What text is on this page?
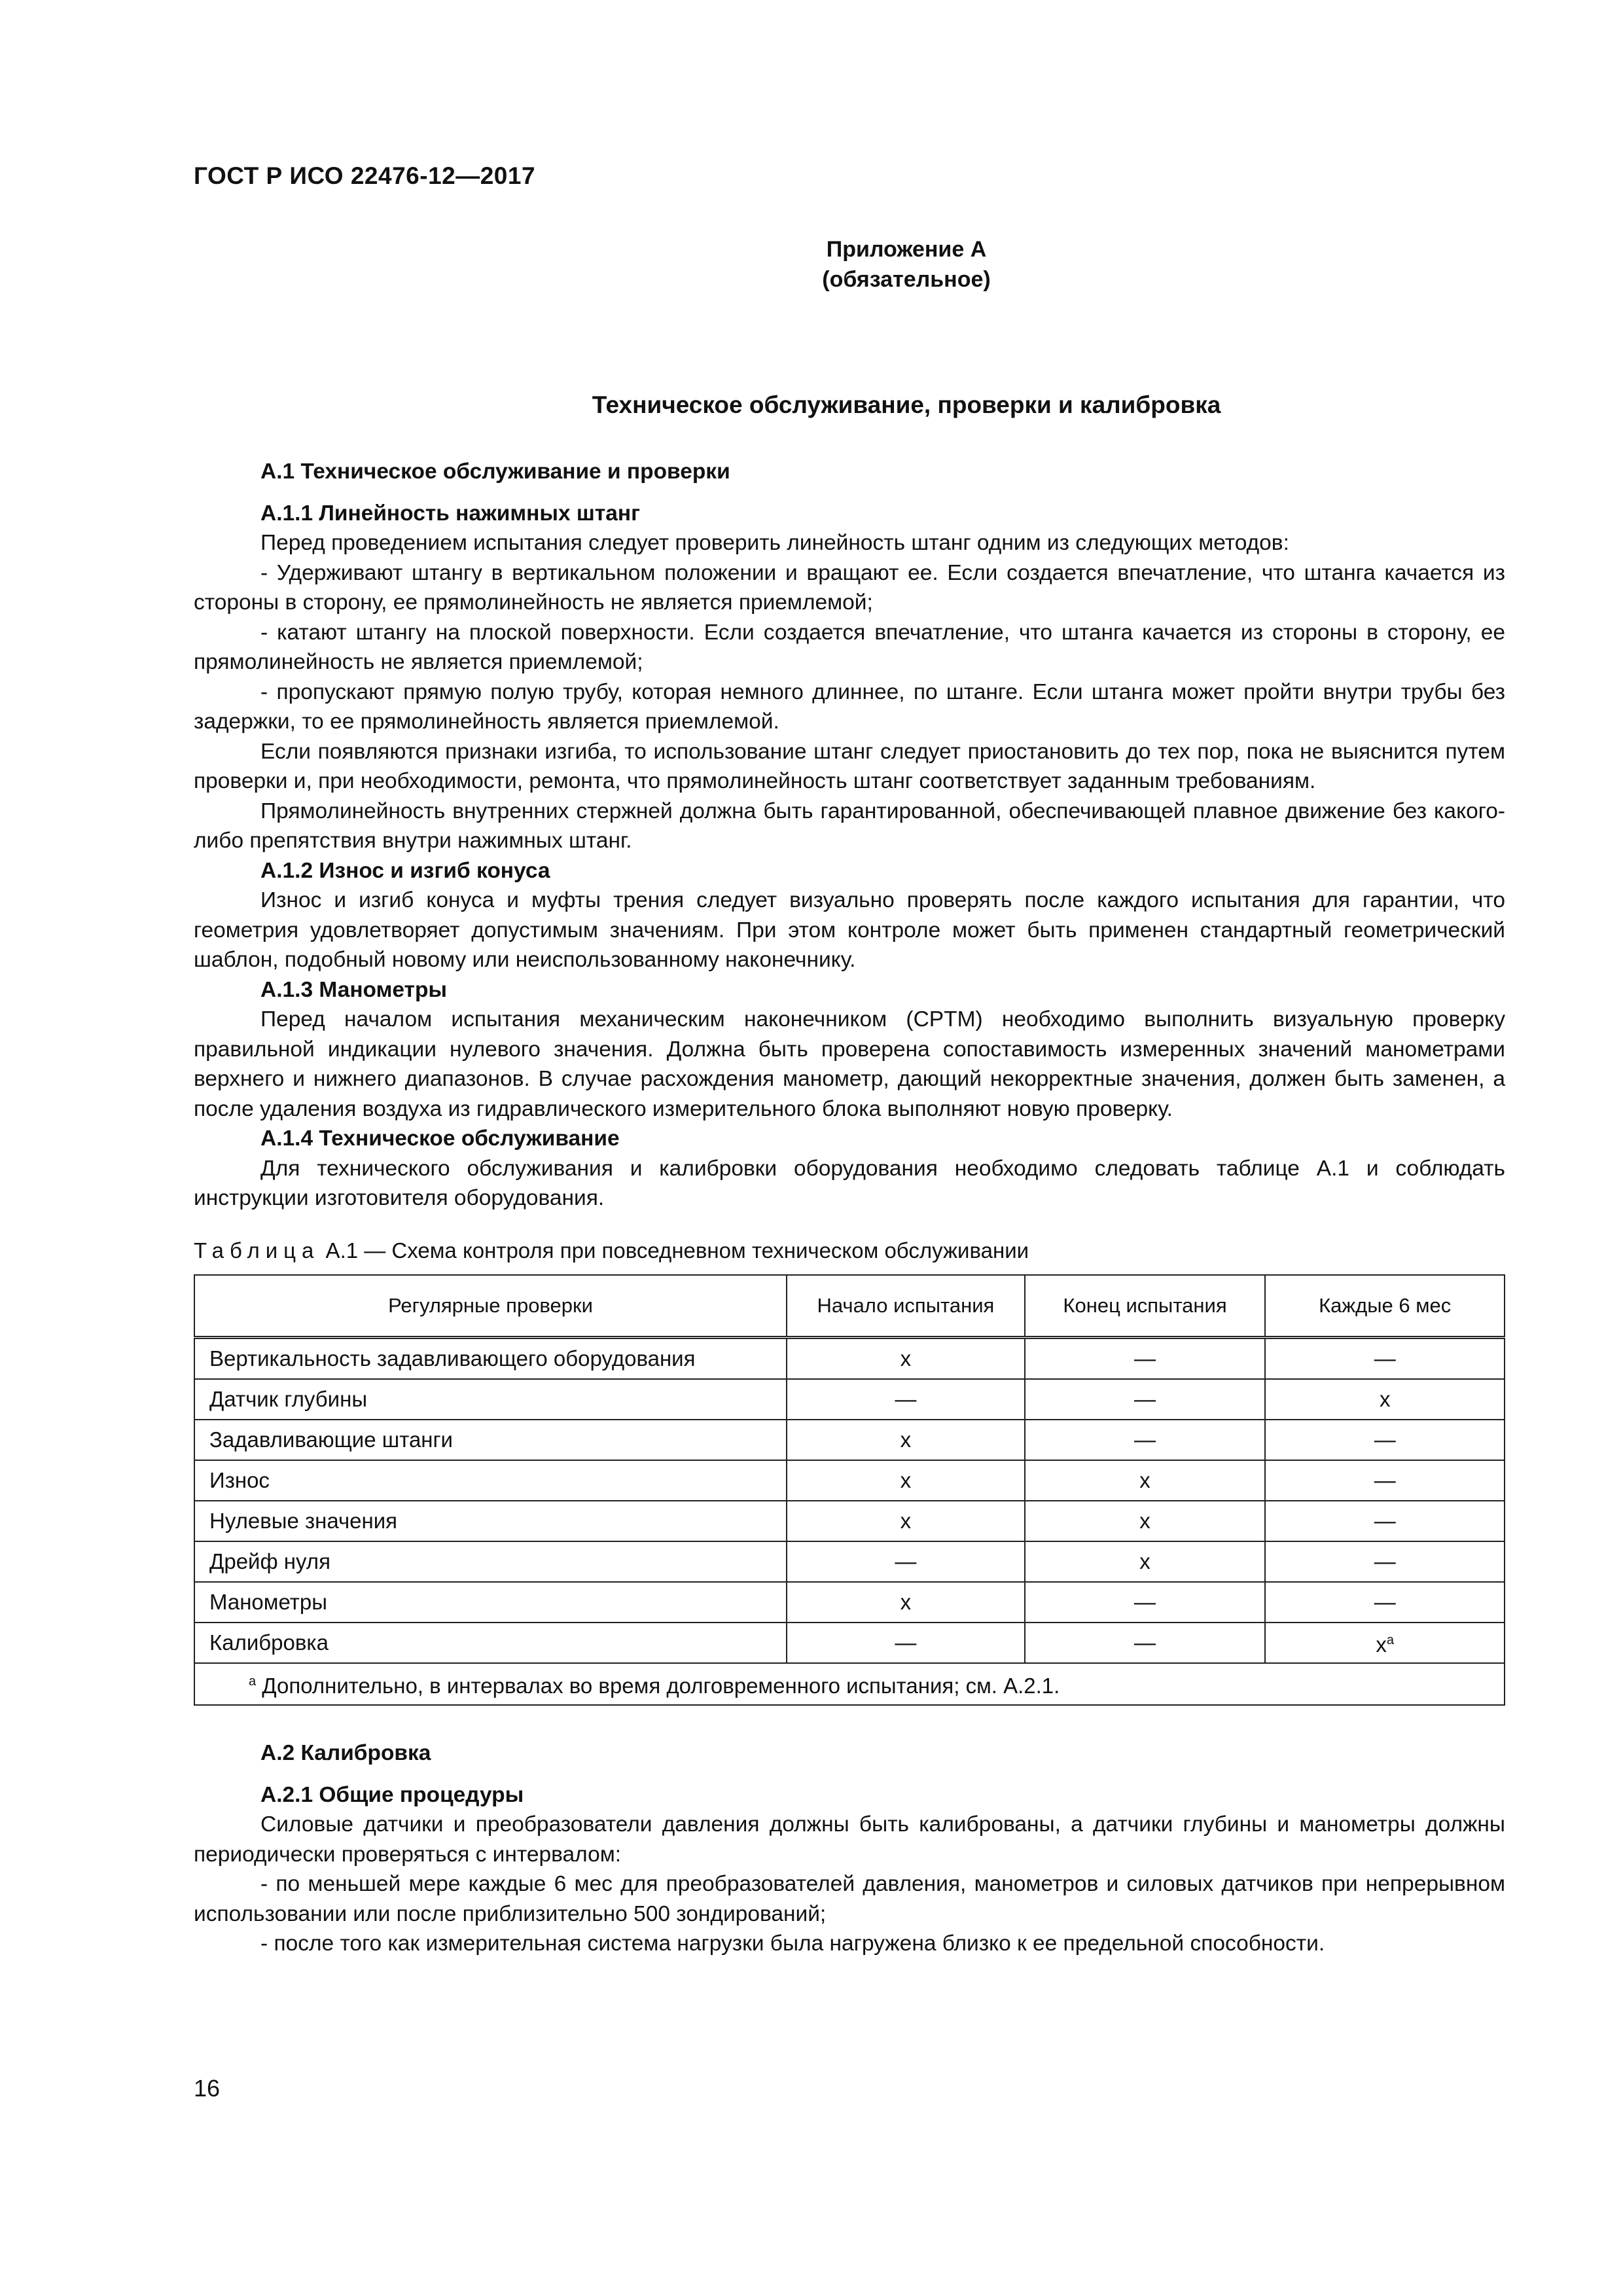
ГОСТ Р ИСО 22476-12—2017
Приложение А
(обязательное)
Техническое обслуживание, проверки и калибровка
А.1 Техническое обслуживание и проверки
А.1.1 Линейность нажимных штанг

Перед проведением испытания следует проверить линейность штанг одним из следующих методов:

- Удерживают штангу в вертикальном положении и вращают ее. Если создается впечатление, что штанга качается из стороны в сторону, ее прямолинейность не является приемлемой;

- катают штангу на плоской поверхности. Если создается впечатление, что штанга качается из стороны в сторону, ее прямолинейность не является приемлемой;

- пропускают прямую полую трубу, которая немного длиннее, по штанге. Если штанга может пройти внутри трубы без задержки, то ее прямолинейность является приемлемой.

Если появляются признаки изгиба, то использование штанг следует приостановить до тех пор, пока не выяснится путем проверки и, при необходимости, ремонта, что прямолинейность штанг соответствует заданным требованиям.

Прямолинейность внутренних стержней должна быть гарантированной, обеспечивающей плавное движение без какого-либо препятствия внутри нажимных штанг.

А.1.2 Износ и изгиб конуса

Износ и изгиб конуса и муфты трения следует визуально проверять после каждого испытания для гарантии, что геометрия удовлетворяет допустимым значениям. При этом контроле может быть применен стандартный геометрический шаблон, подобный новому или неиспользованному наконечнику.

А.1.3 Манометры

Перед началом испытания механическим наконечником (CPTM) необходимо выполнить визуальную проверку правильной индикации нулевого значения. Должна быть проверена сопоставимость измеренных значений манометрами верхнего и нижнего диапазонов. В случае расхождения манометр, дающий некорректные значения, должен быть заменен, а после удаления воздуха из гидравлического измерительного блока выполняют новую проверку.

А.1.4 Техническое обслуживание

Для технического обслуживания и калибровки оборудования необходимо следовать таблице А.1 и соблюдать инструкции изготовителя оборудования.

Таблица А.1 — Схема контроля при повседневном техническом обслуживании
Регулярные проверки	Начало испытания	Конец испытания	Каждые 6 мес
Вертикальность задавливающего оборудования	x	—	—
Датчик глубины	—	—	x
Задавливающие штанги	x	—	—
Износ	x	x	—
Нулевые значения	x	x	—
Дрейф нуля	—	x	—
Манометры	x	—	—
Калибровка	—	—	$x^a$
$^a$ Дополнительно, в интервалах во время долговременного испытания; см. А.2.1.			
А.2 Калибровка
А.2.1 Общие процедуры

Силовые датчики и преобразователи давления должны быть калиброваны, а датчики глубины и манометры должны периодически проверяться с интервалом:

- по меньшей мере каждые 6 мес для преобразователей давления, манометров и силовых датчиков при непрерывном использовании или после приблизительно 500 зондирований;

- после того как измерительная система нагрузки была нагружена близко к ее предельной способности.

16
